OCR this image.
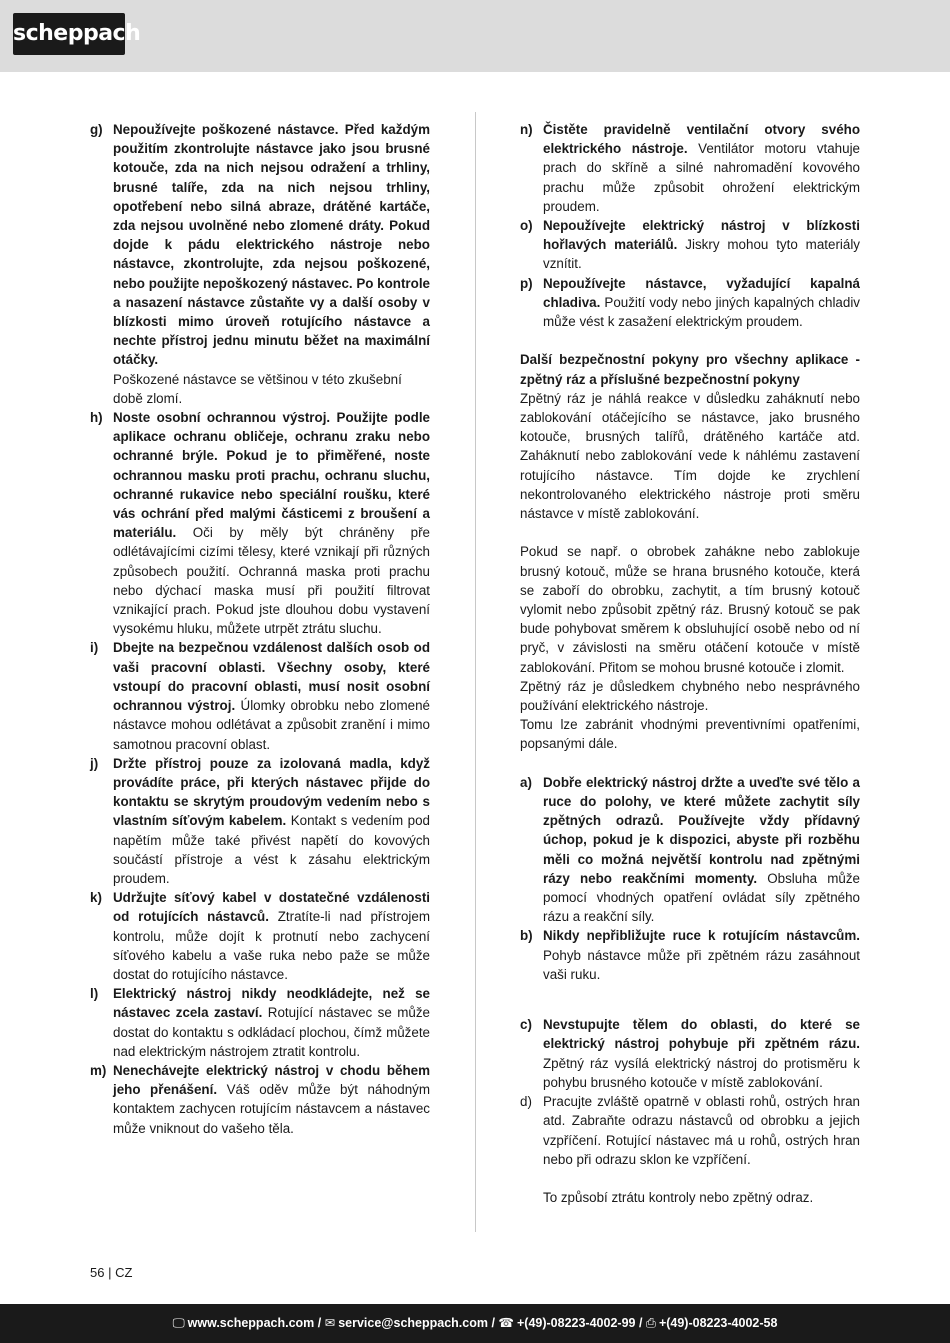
scheppach
g) Nepoužívejte poškozené nástavce. Před každým použitím zkontrolujte nástavce jako jsou brusné kotouče, zda na nich nejsou odražení a trhliny, brusné talíře, zda na nich nejsou trhliny, opotřebení nebo silná abraze, drátěné kartáče, zda nejsou uvolněné nebo zlomené dráty. Pokud dojde k pádu elektrického nástroje nebo nástavce, zkontrolujte, zda nejsou poškozené, nebo použijte nepoškozený nástavec. Po kontrole a nasazení nástavce zůstaňte vy a další osoby v blízkosti mimo úroveň rotujícího nástavce a nechte přístroj jednu minutu běžet na maximální otáčky.
Poškozené nástavce se většinou v této zkušební době zlomí.
h) Noste osobní ochrannou výstroj. Použijte podle aplikace ochranu obličeje, ochranu zraku nebo ochranné brýle. Pokud je to přiměřené, noste ochrannou masku proti prachu, ochranu sluchu, ochranné rukavice nebo speciální roušku, které vás ochrání před malými částicemi z broušení a materiálu. Oči by měly být chráněny pře odlétávajícími cizími tělesy, které vznikají při různých způsobech použití. Ochranná maska proti prachu nebo dýchací maska musí při použití filtrovat vznikající prach. Pokud jste dlouhou dobu vystavení vysokému hluku, můžete utrpět ztrátu sluchu.
i) Dbejte na bezpečnou vzdálenost dalších osob od vaši pracovní oblasti. Všechny osoby, které vstoupí do pracovní oblasti, musí nosit osobní ochrannou výstroj. Úlomky obrobku nebo zlomené nástavce mohou odlétávat a způsobit zranění i mimo samotnou pracovní oblast.
j) Držte přístroj pouze za izolovaná madla, když provádíte práce, při kterých nástavec přijde do kontaktu se skrytým proudovým vedením nebo s vlastním síťovým kabelem. Kontakt s vedením pod napětím může také přivést napětí do kovových součástí přístroje a vést k zásahu elektrickým proudem.
k) Udržujte síťový kabel v dostatečné vzdálenosti od rotujících nástavců. Ztratíte-li nad přístrojem kontrolu, může dojít k protnutí nebo zachycení síťového kabelu a vaše ruka nebo paže se může dostat do rotujícího nástavce.
l) Elektrický nástroj nikdy neodkládejte, než se nástavec zcela zastaví. Rotující nástavec se může dostat do kontaktu s odkládací plochou, čímž můžete nad elektrickým nástrojem ztratit kontrolu.
m) Nenechávejte elektrický nástroj v chodu během jeho přenášení. Váš oděv může být náhodným kontaktem zachycen rotujícím nástavcem a nástavec může vniknout do vašeho těla.
n) Čistěte pravidelně ventilační otvory svého elektrického nástroje. Ventilátor motoru vtahuje prach do skříně a silné nahromadění kovového prachu může způsobit ohrožení elektrickým proudem.
o) Nepoužívejte elektrický nástroj v blízkosti hořlavých materiálů. Jiskry mohou tyto materiály vznítit.
p) Nepoužívejte nástavce, vyžadující kapalná chladiva. Použití vody nebo jiných kapalných chladiv může vést k zasažení elektrickým proudem.

Další bezpečnostní pokyny pro všechny aplikace - zpětný ráz a příslušné bezpečnostní pokyny

Zpětný ráz je náhlá reakce v důsledku zaháknutí nebo zablokování otáčejícího se nástavce, jako brusného kotouče, brusných talířů, drátěného kartáče atd. Zaháknutí nebo zablokování vede k náhlému zastavení rotujícího nástavce. Tím dojde ke zrychlení nekontrolovaného elektrického nástroje proti směru nástavce v místě zablokování.

Pokud se např. o obrobek zahákne nebo zablokuje brusný kotouč, může se hrana brusného kotouče, která se zaboří do obrobku, zachytit, a tím brusný kotouč vylomit nebo způsobit zpětný ráz. Brusný kotouč se pak bude pohybovat směrem k obsluhující osobě nebo od ní pryč, v závislosti na směru otáčení kotouče v místě zablokování. Přitom se mohou brusné kotouče i zlomit.

Zpětný ráz je důsledkem chybného nebo nesprávného používání elektrického nástroje.

Tomu lze zabránit vhodnými preventivními opatřeními, popsanými dále.

a) Dobře elektrický nástroj držte a uveďte své tělo a ruce do polohy, ve které můžete zachytit síly zpětných odrazů. Používejte vždy přídavný úchop, pokud je k dispozici, abyste při rozběhu měli co možná největší kontrolu nad zpětnými rázy nebo reakčními momenty. Obsluha může pomocí vhodných opatření ovládat síly zpětného rázu a reakční síly.
b) Nikdy nepřibližujte ruce k rotujícím nástavcům. Pohyb nástavce může při zpětném rázu zasáhnout vaši ruku.
c) Nevstupujte tělem do oblasti, do které se elektrický nástroj pohybuje při zpětném rázu. Zpětný ráz vysílá elektrický nástroj do protisměru k pohybu brusného kotouče v místě zablokování.
d) Pracujte zvláště opatrně v oblasti rohů, ostrých hran atd. Zabraňte odrazu nástavců od obrobku a jejich vzpříčení. Rotující nástavec má u rohů, ostrých hran nebo při odrazu sklon ke vzpříčení.
To způsobí ztrátu kontroly nebo zpětný odraz.
56 | CZ
🖵 www.scheppach.com / ✉ service@scheppach.com / ☎ +(49)-08223-4002-99 / ⎙ +(49)-08223-4002-58
